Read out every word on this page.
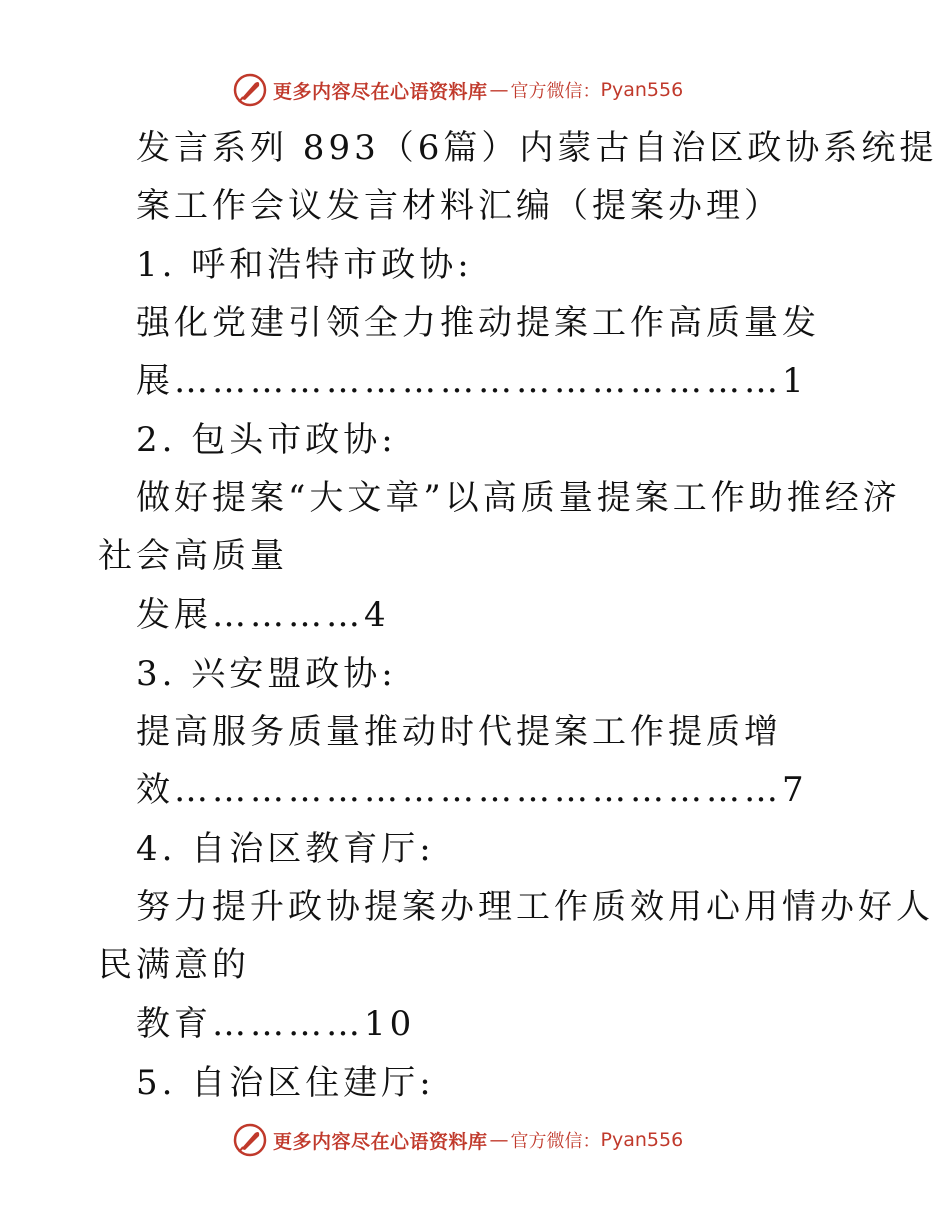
更多内容尽在心语资料库 — 官方微信： Pyan556
发言系列 893（6篇）内蒙古自治区政协系统提
案工作会议发言材料汇编（提案办理）
1. 呼和浩特市政协:
强化党建引领全力推动提案工作高质量发
展…………………………………………1
2. 包头市政协:
做好提案“大文章”以高质量提案工作助推经济
社会高质量
发展…………4
3. 兴安盟政协:
提高服务质量推动时代提案工作提质增
效…………………………………………7
4. 自治区教育厅:
努力提升政协提案办理工作质效用心用情办好人
民满意的
教育…………10
5. 自治区住建厅:
更多内容尽在心语资料库 — 官方微信： Pyan556
